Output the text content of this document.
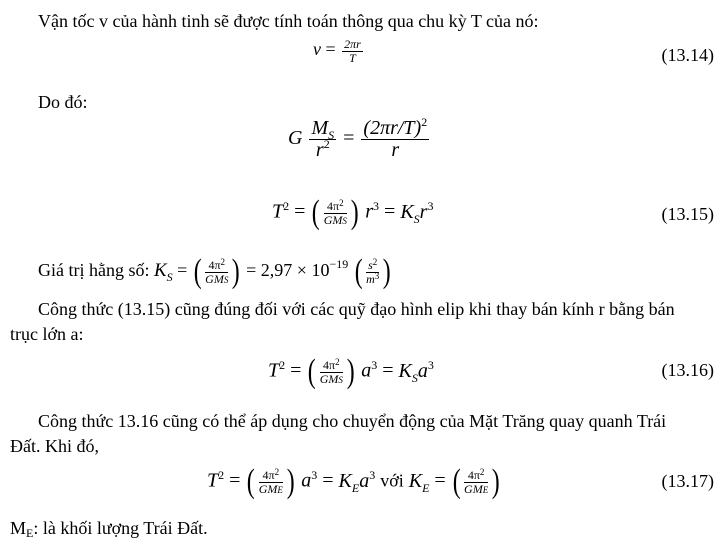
Vận tốc v của hành tinh sẽ được tính toán thông qua chu kỳ T của nó:
$v = \frac{2\pi r}{T}$	(13.14)
Do đó:
G $\frac{M_S}{r^2} = \frac{(2\pi r/T)^2}{r}$
$T^2$ = ( $\frac{4\pi^2}{\text{GMS}}$ ) $r^3 = K_Sr^3$	(13.15)
Giá trị hằng số: $K_S$ = ( $\frac{4\pi^2}{\text{GMS}}$ ) = $2,97 \times 10^{-19}$ ( $\frac{s^2}{m^3}$ )
Công thức (13.15) cũng đúng đối với các quỹ đạo hình elip khi thay bán kính r bằng bán
trục lớn a:
$T^2$ = ( $\frac{4\pi^2}{\text{GMS}}$ ) $a^3 = K_Sa^3$	(13.16)
Công thức 13.16 cũng có thể áp dụng cho chuyển động của Mặt Trăng quay quanh Trái
Đất. Khi đó,
$T^2$ = ( $\frac{4\pi^2}{\text{GME}}$ ) $a^3 = K_Ea^3$ với $K_E$ = ( $\frac{4\pi^2}{\text{GME}}$ )	(13.17)
ME: là khối lượng Trái Đất.
